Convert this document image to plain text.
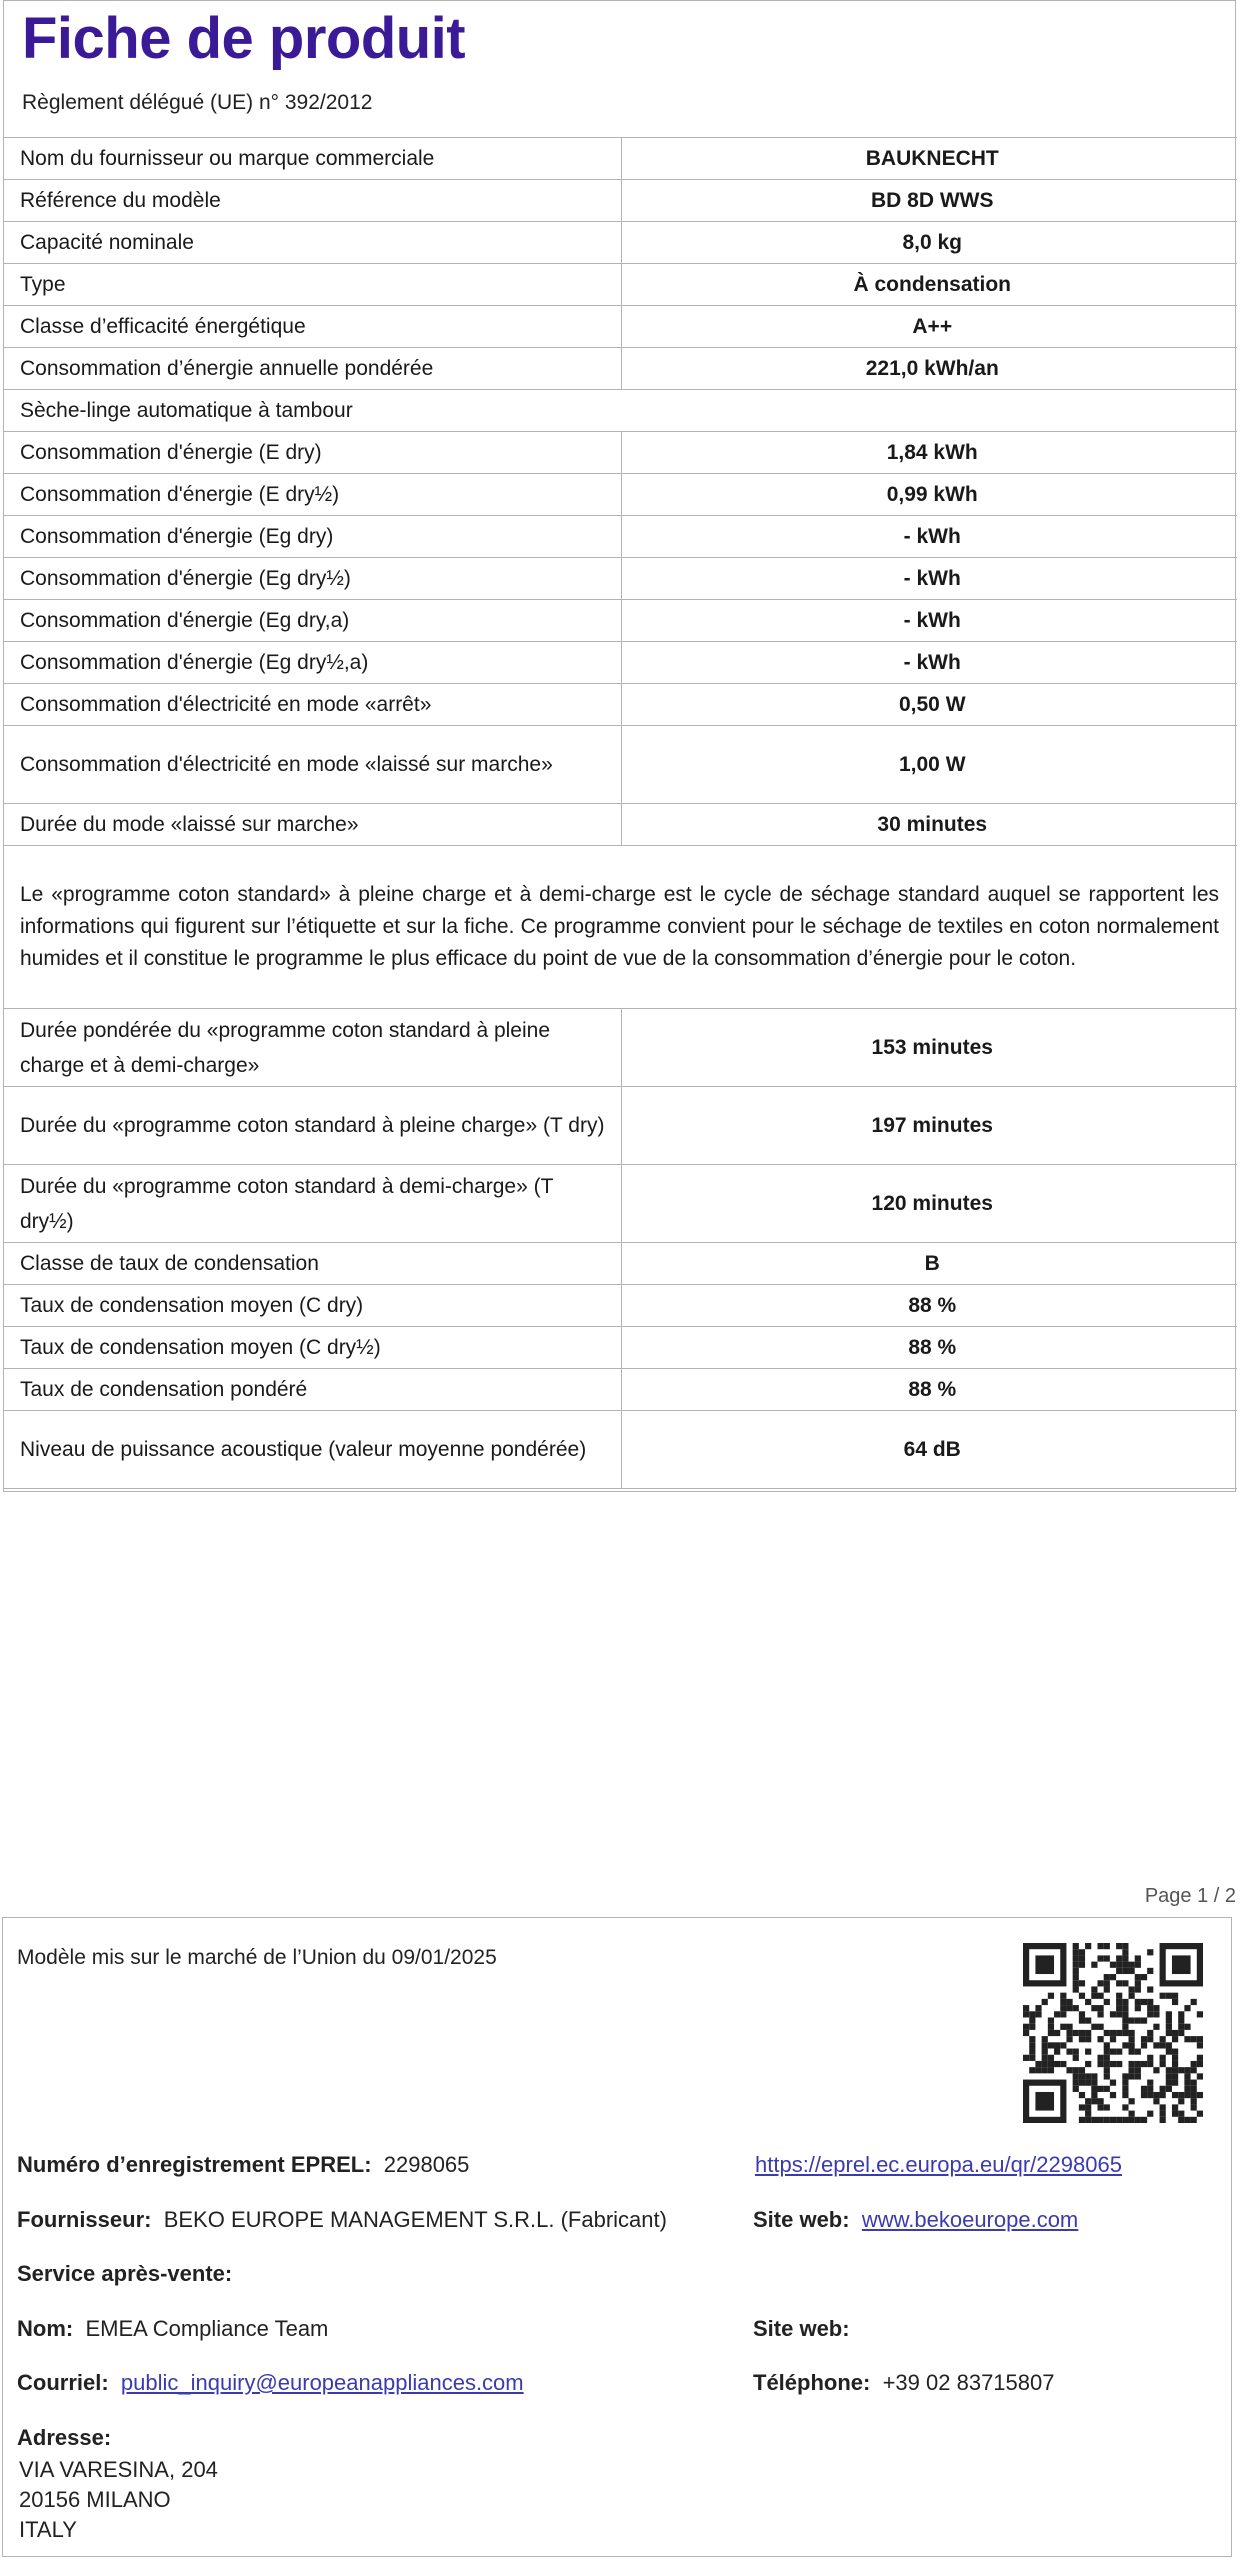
Fiche de produit
Règlement délégué (UE) n° 392/2012
Nom du fournisseur ou marque commerciale	BAUKNECHT
Référence du modèle	BD 8D WWS
Capacité nominale	8,0 kg
Type	À condensation
Classe d’efficacité énergétique	A++
Consommation d’énergie annuelle pondérée	221,0 kWh/an
Sèche-linge automatique à tambour	
Consommation d'énergie (E dry)	1,84 kWh
Consommation d'énergie (E dry½)	0,99 kWh
Consommation d'énergie (Eg dry)	- kWh
Consommation d'énergie (Eg dry½)	- kWh
Consommation d'énergie (Eg dry,a)	- kWh
Consommation d'énergie (Eg dry½,a)	- kWh
Consommation d'électricité en mode «arrêt»	0,50 W
Consommation d'électricité en mode «laissé sur marche»	1,00 W
Durée du mode «laissé sur marche»	30 minutes
Le «programme coton standard» à pleine charge et à demi-charge est le cycle de séchage standard auquel se rapportent les informations qui figurent sur l’étiquette et sur la fiche. Ce programme convient pour le séchage de textiles en coton normalement humides et il constitue le programme le plus efficace du point de vue de la consommation d’énergie pour le coton.	
Durée pondérée du «programme coton standard à pleine charge et à demi-charge»	153 minutes
Durée du «programme coton standard à pleine charge» (T dry)	197 minutes
Durée du «programme coton standard à demi-charge» (T dry½)	120 minutes
Classe de taux de condensation	B
Taux de condensation moyen (C dry)	88 %
Taux de condensation moyen (C dry½)	88 %
Taux de condensation pondéré	88 %
Niveau de puissance acoustique (valeur moyenne pondérée)	64 dB
Page 1 / 2
Modèle mis sur le marché de l’Union du 09/01/2025
Numéro d’enregistrement EPREL: 2298065	https://eprel.ec.europa.eu/qr/2298065
Fournisseur: BEKO EUROPE MANAGEMENT S.R.L. (Fabricant)	Site web: www.bekoeurope.com
Service après-vente:
Nom: EMEA Compliance Team	Site web:
Courriel: public_inquiry@europeanappliances.com	Téléphone: +39 02 83715807
Adresse:
VIA VARESINA, 204
20156 MILANO
ITALY
